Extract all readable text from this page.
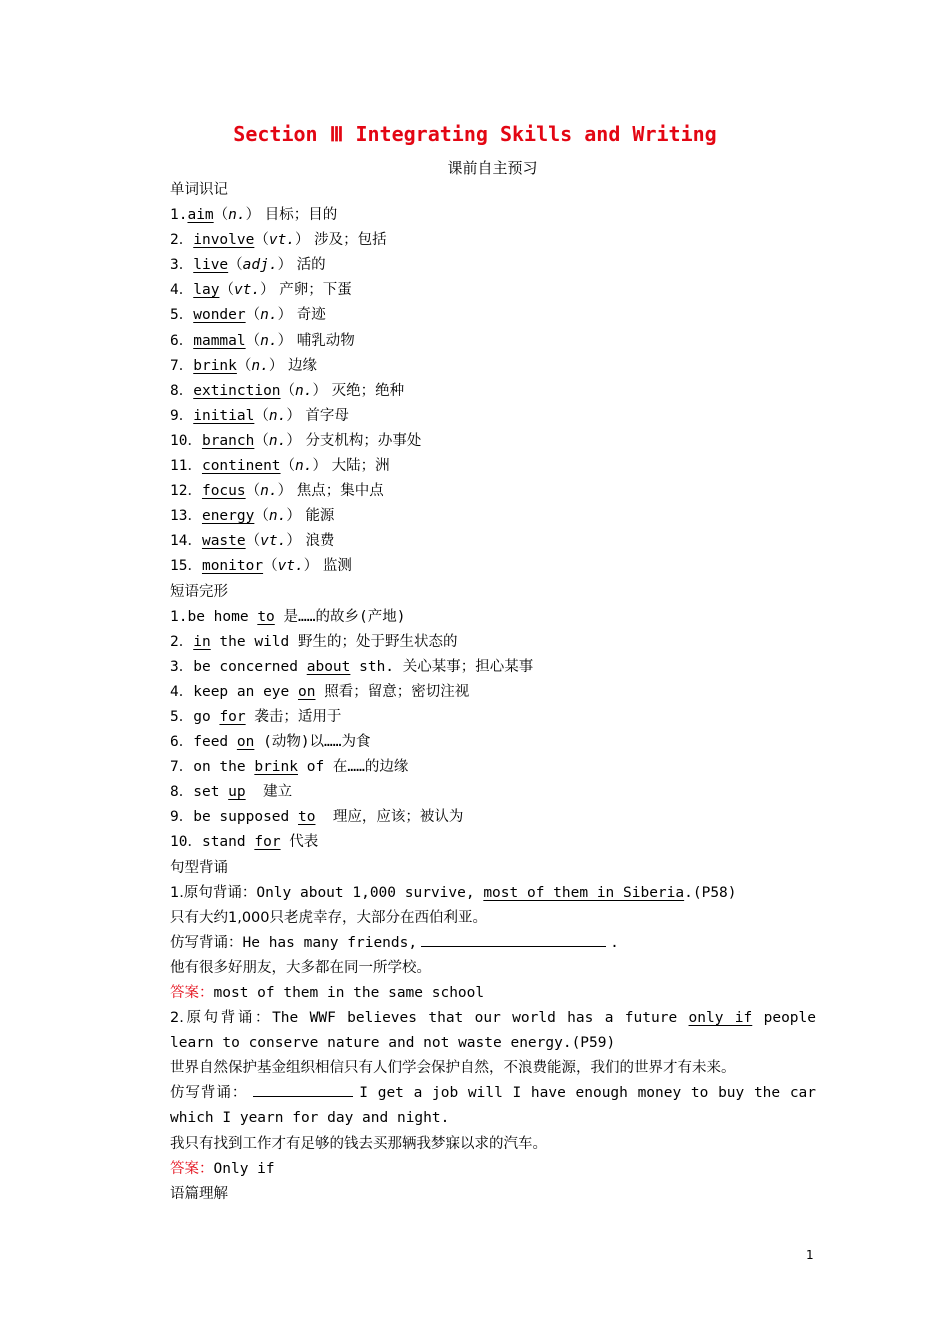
Section Ⅲ Integrating Skills and Writing
课前自主预习
单词识记
1.aim（n.） 目标；目的
2．involve（vt.） 涉及；包括
3．live（adj.） 活的
4．lay（vt.） 产卵；下蛋
5．wonder（n.） 奇迹
6．mammal（n.） 哺乳动物
7．brink（n.） 边缘
8．extinction（n.） 灭绝；绝种
9．initial（n.） 首字母
10．branch（n.） 分支机构；办事处
11．continent（n.） 大陆；洲
12．focus（n.） 焦点；集中点
13．energy（n.） 能源
14．waste（vt.） 浪费
15．monitor（vt.） 监测
短语完形
1.be home to 是……的故乡(产地)
2．in the wild 野生的；处于野生状态的
3．be concerned about sth. 关心某事；担心某事
4．keep an eye on 照看；留意；密切注视
5．go for 袭击；适用于
6．feed on (动物)以……为食
7．on the brink of 在……的边缘
8．set up  建立
9．be supposed to  理应，应该；被认为
10．stand for 代表
句型背诵
1.原句背诵：Only about 1,000 survive, most of them in Siberia.(P58)
只有大约1,000只老虎幸存，大部分在西伯利亚。
仿写背诵：He has many friends,	.
他有很多好朋友，大多都在同一所学校。
答案：most of them in the same school
2.原句背诵：The WWF believes that our world has a future only if people learn to conserve nature and not waste energy.(P59)
世界自然保护基金组织相信只有人们学会保护自然，不浪费能源，我们的世界才有未来。
仿写背诵：	I get a job will I have enough money to buy the car which I yearn for day and night.
我只有找到工作才有足够的钱去买那辆我梦寐以求的汽车。
答案：Only if
语篇理解
1
